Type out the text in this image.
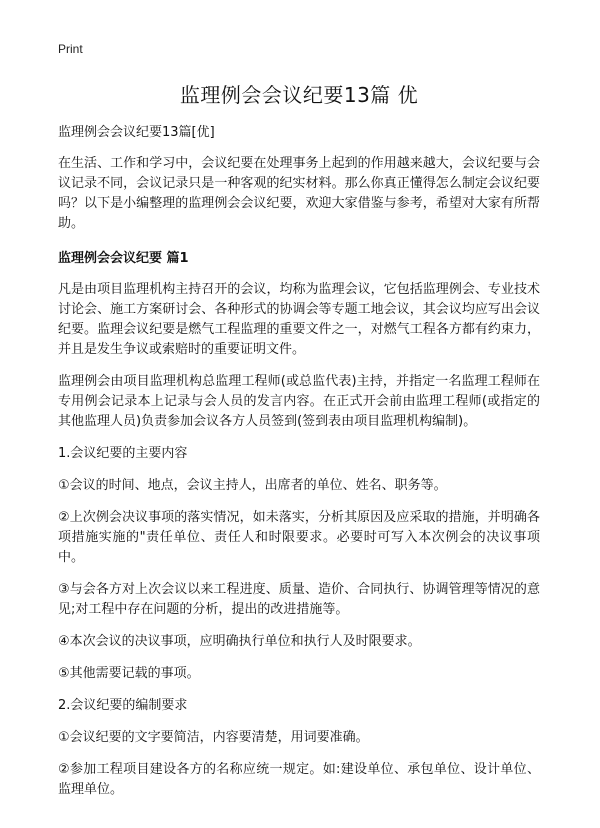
Print

监理例会会议纪要13篇 优

监理例会会议纪要13篇[优]

在生活、工作和学习中，会议纪要在处理事务上起到的作用越来越大，会议纪要与会议记录不同，会议记录只是一种客观的纪实材料。那么你真正懂得怎么制定会议纪要吗？以下是小编整理的监理例会会议纪要，欢迎大家借鉴与参考，希望对大家有所帮助。

监理例会会议纪要 篇1

凡是由项目监理机构主持召开的会议，均称为监理会议，它包括监理例会、专业技术讨论会、施工方案研讨会、各种形式的协调会等专题工地会议，其会议均应写出会议纪要。监理会议纪要是燃气工程监理的重要文件之一，对燃气工程各方都有约束力，并且是发生争议或索赔时的重要证明文件。

监理例会由项目监理机构总监理工程师(或总监代表)主持，并指定一名监理工程师在专用例会记录本上记录与会人员的发言内容。在正式开会前由监理工程师(或指定的其他监理人员)负责参加会议各方人员签到(签到表由项目监理机构编制)。

1.会议纪要的主要内容

①会议的时间、地点，会议主持人，出席者的单位、姓名、职务等。

②上次例会决议事项的落实情况，如未落实，分析其原因及应采取的措施，并明确各项措施实施的"责任单位、责任人和时限要求。必要时可写入本次例会的决议事项中。

③与会各方对上次会议以来工程进度、质量、造价、合同执行、协调管理等情况的意见;对工程中存在问题的分析，提出的改进措施等。

④本次会议的决议事项，应明确执行单位和执行人及时限要求。

⑤其他需要记载的事项。

2.会议纪要的编制要求

①会议纪要的文字要简洁，内容要清楚，用词要准确。

②参加工程项目建设各方的名称应统一规定。如:建设单位、承包单位、设计单位、监理单位。
